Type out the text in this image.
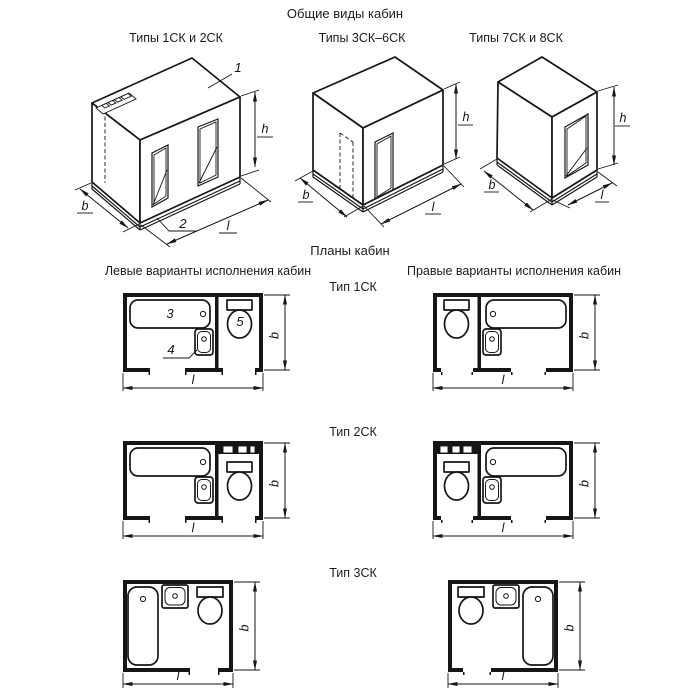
Общие виды кабин
Типы 1СК и 2СК	Типы 3СК–6СК	Типы 7СК и 8СК
1
2
h
b
l
h
b
l
h
b
l
Планы кабин
Левые варианты исполнения кабин	Правые варианты исполнения кабин
Тип 1СК
Тип 2СК
Тип 3СК
3
4
5
b
l
b
l
b
l
b
l
b
l
b
l
